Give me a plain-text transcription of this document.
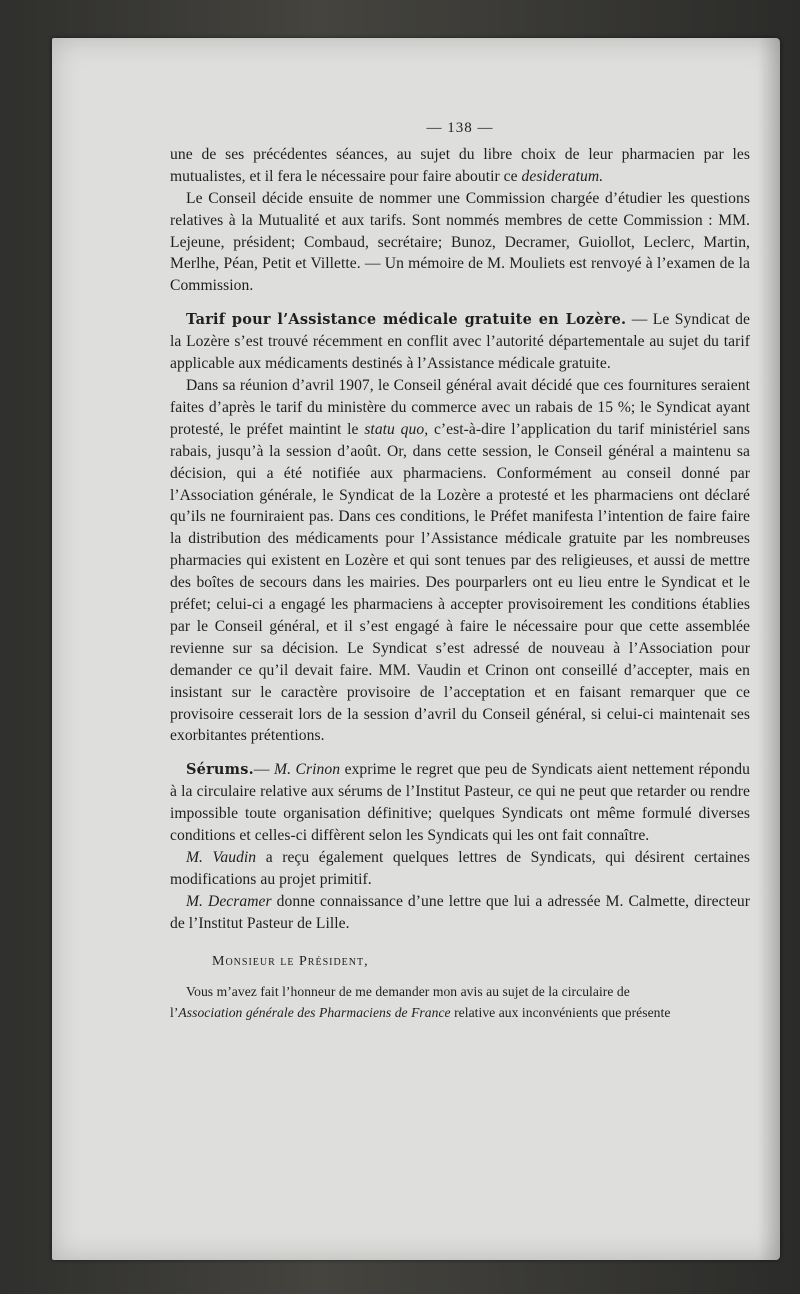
— 138 —

une de ses précédentes séances, au sujet du libre choix de leur pharmacien par les mutualistes, et il fera le nécessaire pour faire aboutir ce desideratum.

Le Conseil décide ensuite de nommer une Commission chargée d’étudier les questions relatives à la Mutualité et aux tarifs. Sont nommés membres de cette Commission : MM. Lejeune, président; Combaud, secrétaire; Bunoz, Decramer, Guiollot, Leclerc, Martin, Merlhe, Péan, Petit et Villette. — Un mémoire de M. Mouliets est renvoyé à l’examen de la Commission.

Tarif pour l’Assistance médicale gratuite en Lozère. — Le Syndicat de la Lozère s’est trouvé récemment en conflit avec l’autorité départementale au sujet du tarif applicable aux médicaments destinés à l’Assistance médicale gratuite.

Dans sa réunion d’avril 1907, le Conseil général avait décidé que ces fournitures seraient faites d’après le tarif du ministère du commerce avec un rabais de 15 %; le Syndicat ayant protesté, le préfet maintint le statu quo, c’est-à-dire l’application du tarif ministériel sans rabais, jusqu’à la session d’août. Or, dans cette session, le Conseil général a maintenu sa décision, qui a été notifiée aux pharmaciens. Conformément au conseil donné par l’Association générale, le Syndicat de la Lozère a protesté et les pharmaciens ont déclaré qu’ils ne fourniraient pas. Dans ces conditions, le Préfet manifesta l’intention de faire faire la distribution des médicaments pour l’Assistance médicale gratuite par les nombreuses pharmacies qui existent en Lozère et qui sont tenues par des religieuses, et aussi de mettre des boîtes de secours dans les mairies. Des pourparlers ont eu lieu entre le Syndicat et le préfet; celui-ci a engagé les pharmaciens à accepter provisoirement les conditions établies par le Conseil général, et il s’est engagé à faire le nécessaire pour que cette assemblée revienne sur sa décision. Le Syndicat s’est adressé de nouveau à l’Association pour demander ce qu’il devait faire. MM. Vaudin et Crinon ont conseillé d’accepter, mais en insistant sur le caractère provisoire de l’acceptation et en faisant remarquer que ce provisoire cesserait lors de la session d’avril du Conseil général, si celui-ci maintenait ses exorbitantes prétentions.

Sérums.— M. Crinon exprime le regret que peu de Syndicats aient nettement répondu à la circulaire relative aux sérums de l’Institut Pasteur, ce qui ne peut que retarder ou rendre impossible toute organisation définitive; quelques Syndicats ont même formulé diverses conditions et celles-ci diffèrent selon les Syndicats qui les ont fait connaître.

M. Vaudin a reçu également quelques lettres de Syndicats, qui désirent certaines modifications au projet primitif.

M. Decramer donne connaissance d’une lettre que lui a adressée M. Calmette, directeur de l’Institut Pasteur de Lille.

Monsieur le Président,

Vous m’avez fait l’honneur de me demander mon avis au sujet de la circulaire de

l’Association générale des Pharmaciens de France relative aux inconvénients que présente
